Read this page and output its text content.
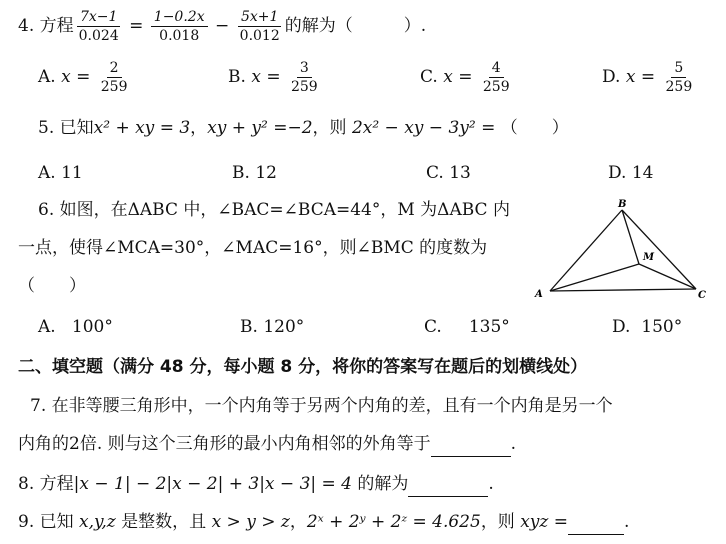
4. 方程 $\frac{7x-1}{0.024} = \frac{1-0.2x}{0.018} - \frac{5x+1}{0.012}$ 的解为（　　　）.
A. $x = \frac{2}{259}$	B. $x = \frac{3}{259}$	C. $x = \frac{4}{259}$	D. $x = \frac{5}{259}$
5. 已知x² + xy = 3，xy + y² =−2，则 2x² − xy − 3y² = （　　）
A. 11	B. 12	C. 13	D. 14
6. 如图，在ΔABC 中，∠BAC=∠BCA=44°，M 为ΔABC 内
一点，使得∠MCA=30°，∠MAC=16°，则∠BMC 的度数为
（　　）
B
M
A	C
A. 100°	B. 120°	C. 135°	D. 150°
二、填空题（满分 48 分，每小题 8 分，将你的答案写在题后的划横线处）
7. 在非等腰三角形中，一个内角等于另两个内角的差，且有一个内角是另一个
内角的2倍. 则与这个三角形的最小内角相邻的外角等于	.
8. 方程|x − 1| − 2|x − 2| + 3|x − 3| = 4 的解为	.
9. 已知 x,y,z 是整数，且 x > y > z，2ˣ + 2ʸ + 2ᶻ = 4.625，则 xyz =	.
